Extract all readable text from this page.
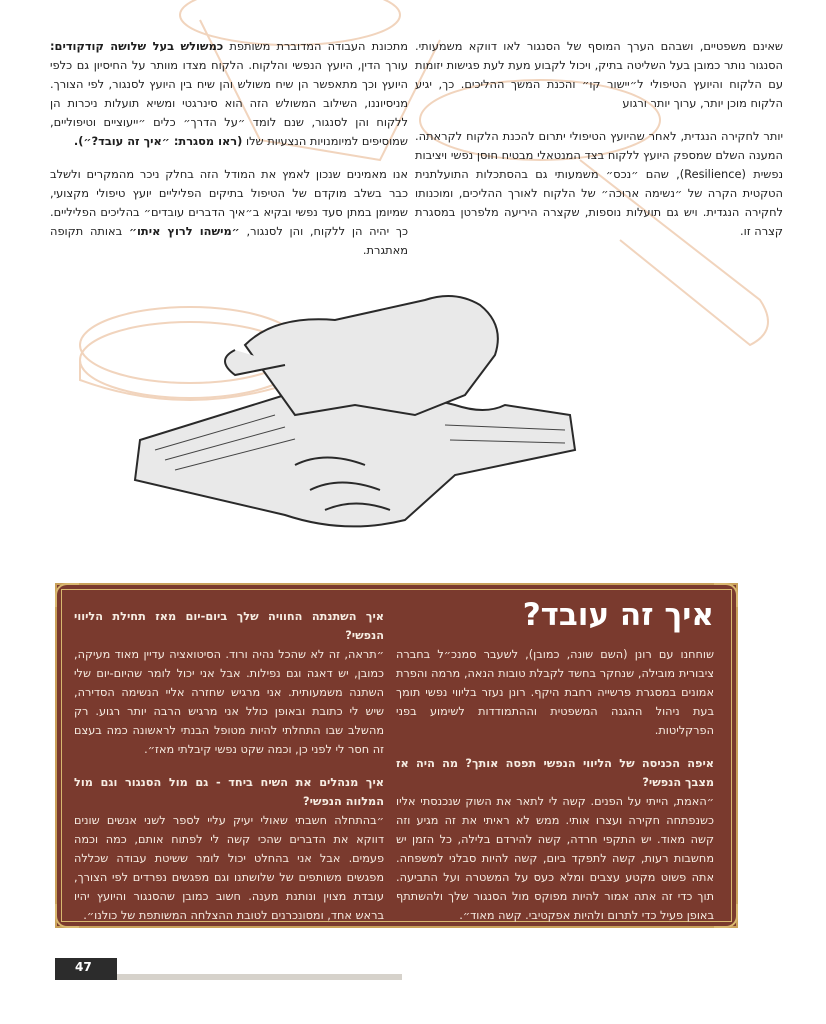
שאינם משפטיים, ושבהם הערך המוסף של הסנגור לאו דווקא משמעותי. הסנגור נותר כמובן בעל השליטה בתיק, ויכול לקבוע מעת לעת פגישות יזומות עם הלקוח והיועץ הטיפולי ל״יישור קו״ והכנת המשך ההליכים. כך, יגיע הלקוח מוכן יותר, ערוך יותר ורגוע

יותר לחקירה הנגדית, לאחר שהיועץ הטיפולי יתרום להכנת הלקוח לקראתה. המענה השלם שמספק היועץ ללקוח בצד המנטאלי מבטיח חוסן נפשי ויציבות נפשית (Resilience), שהם ״נכס״ משמעותי גם בהסתכלות התועלתנית הטקטית הקרה של ״נשימה ארוכה״ של הלקוח לאורך ההליכים, ומוכנותו לחקירה הנגדית. ויש גם תועלות נוספות, שקצרה היריעה מלפרטן במסגרת קצרה זו.

מתכונת העבודה המדוברת משותפת כמשולש בעל שלושה קודקודים: עורך הדין, היועץ הנפשי והלקוח. הלקוח מצדו מוותר על החיסיון גם כלפי היועץ וכך מתאפשר הן שיח משולש והן שיח בין היועץ לסנגור, לפי הצורך. מניסיוננו, השילוב המשולש הזה הוא סינרגטי ומשיא תועלות ניכרות הן ללקוח והן לסנגור, שנם לומד ״על הדרך״ כלים ״ייעוציים וטיפוליים, שמוסיפים למיומנויות הנצעיות שלו (ראו מסגרת: ״איך זה עובד?״).

אנו מאמינים שנכון לאמץ את המודל הזה בחלק ניכר מהמקרים ולשלב כבר בשלב מוקדם של הטיפול בתיקים הפליליים יועץ טיפולי מקצועי, שמיומן במתן סעד נפשי ובקיא ב״איך הדברים עובדים״ בהליכים הפליליים. כך יהיה הן ללקוח, והן לסנגור, ״מישהו לרוץ איתו״ באותה תקופה מאתגרת.

איך זה עובד?

שוחחנו עם רונן (השם שונה, כמובן), לשעבר סמנכ״ל בחברה ציבורית מובילה, שנחקר בחשד לקבלת טובות הנאה, מרמה והפרת אמונים במסגרת פרשייה רחבת היקף. רונן נעזר בליווי נפשי תומך בעת ניהול ההגנה המשפטית וההתמודדות לשימוע בפני הפרקליטות.

איפה הכניסה של הליווי הנפשי תפסה אותך? מה היה אז מצבך הנפשי?
״האמת, הייתי על הפנים. קשה לי לתאר את השוק שנכנסתי אליו כשנפתחה חקירה ועצרו אותי. ממש לא ראיתי את זה מגיע וזה קשה מאוד. יש התקפי חרדה, קשה להירדם בלילה, כל הזמן יש מחשבות רעות, קשה לתפקד ביום, קשה להיות סבלני למשפחה. אתה פשוט מקטע עצבים ומלא כעס על המשטרה ועל התביעה. תוך כדי זה אתה אמור להיות מפוקס מול הסנגור שלך ולהשתתף באופן פעיל כדי לתרום ולהיות אפקטיבי. קשה מאוד״.

איך השתנתה החוויה שלך ביום-יום מאז תחילת הליווי הנפשי?
״תראה, זה לא שהכל נהיה ורוד. הסיטואציה עדיין מאוד מעיקה, כמובן, יש דאגה וגם נפילות. אבל אני יכול לומר שהיום-יום שלי השתנה משמעותית. אני מרגיש שחזרה אליי הנשימה הסדירה, שיש לי כתובת ובאופן כולל אני מרגיש הרבה יותר רגוע. רק מהשלב שבו התחלתי להיות מטופל הבנתי לראשונה כמה בעצם זה חסר לי לפני כן, וכמה שקט נפשי קיבלתי מאז״.

איך מנהלים את השיח ביחד - גם מול הסנגור וגם מול המלווה הנפשי?
״בהתחלה חשבתי שאולי יעיק עליי לספר לשני אנשים שונים דווקא את הדברים שהכי קשה לי לפתוח אותם, כמה וכמה פעמים. אבל אני בהחלט יכול לומר ששיטת עבודה שכללה מפגשים משותפים של שלושתנו וגם מפגשים נפרדים לפי הצורך, עובדת מצוין ונותנת מענה. חשוב כמובן שהסנגור והיועץ יהיו בראש אחד, ומסונכרנים לטובת ההצלחה המשותפת של כולנו״.

47
